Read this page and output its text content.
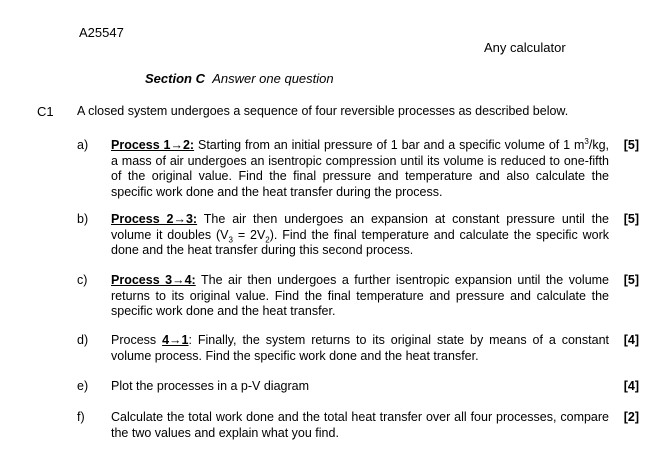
A25547
Any calculator
Section C Answer one question
C1 A closed system undergoes a sequence of four reversible processes as described below.
a)	Process 1→2: Starting from an initial pressure of 1 bar and a specific volume of 1 $m^3/kg$, a mass of air undergoes an isentropic compression until its volume is reduced to one-fifth of the original value. Find the final pressure and temperature and also calculate the specific work done and the heat transfer during the process.
[5]
b)	Process 2→3: The air then undergoes an expansion at constant pressure until the volume it doubles $(V_3 = 2V_2)$. Find the final temperature and calculate the specific work done and the heat transfer during this second process.
[5]
c)	Process 3→4: The air then undergoes a further isentropic expansion until the volume returns to its original value. Find the final temperature and pressure and calculate the specific work done and the heat transfer.
[5]
d)	Process 4→1: Finally, the system returns to its original state by means of a constant volume process. Find the specific work done and the heat transfer.
[4]
e)	Plot the processes in a p-V diagram	[4]
f)	Calculate the total work done and the total heat transfer over all four processes, compare the two values and explain what you find.
[2]
